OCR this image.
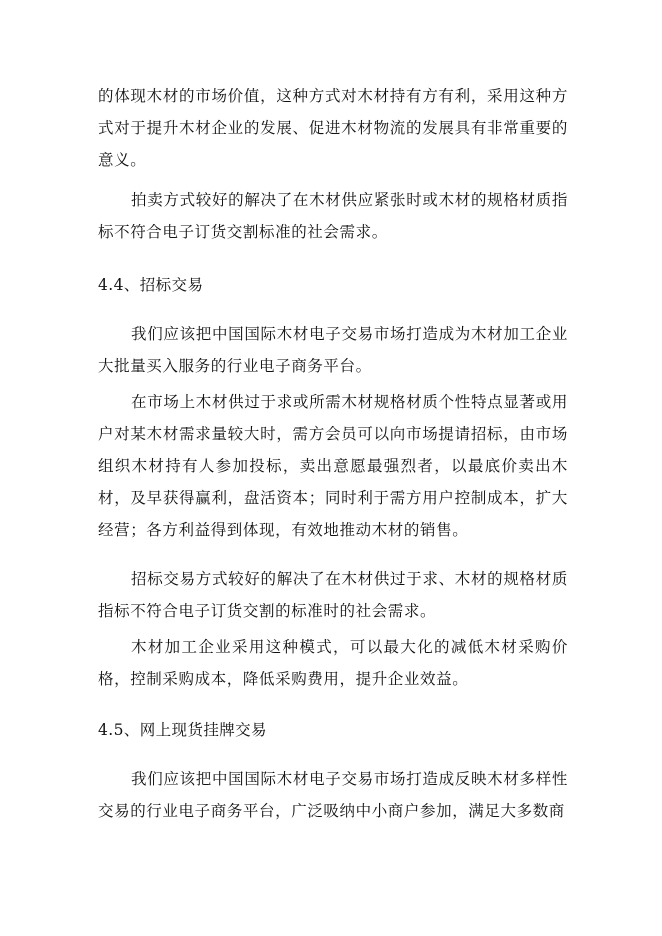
的体现木材的市场价值，这种方式对木材持有方有利，采用这种方式对于提升木材企业的发展、促进木材物流的发展具有非常重要的意义。

拍卖方式较好的解决了在木材供应紧张时或木材的规格材质指标不符合电子订货交割标准的社会需求。

4.4、招标交易

我们应该把中国国际木材电子交易市场打造成为木材加工企业大批量买入服务的行业电子商务平台。

在市场上木材供过于求或所需木材规格材质个性特点显著或用户对某木材需求量较大时，需方会员可以向市场提请招标，由市场组织木材持有人参加投标，卖出意愿最强烈者，以最底价卖出木材，及早获得赢利，盘活资本；同时利于需方用户控制成本，扩大经营；各方利益得到体现，有效地推动木材的销售。

招标交易方式较好的解决了在木材供过于求、木材的规格材质指标不符合电子订货交割的标准时的社会需求。

木材加工企业采用这种模式，可以最大化的减低木材采购价格，控制采购成本，降低采购费用，提升企业效益。

4.5、网上现货挂牌交易

我们应该把中国国际木材电子交易市场打造成反映木材多样性交易的行业电子商务平台，广泛吸纳中小商户参加，满足大多数商
